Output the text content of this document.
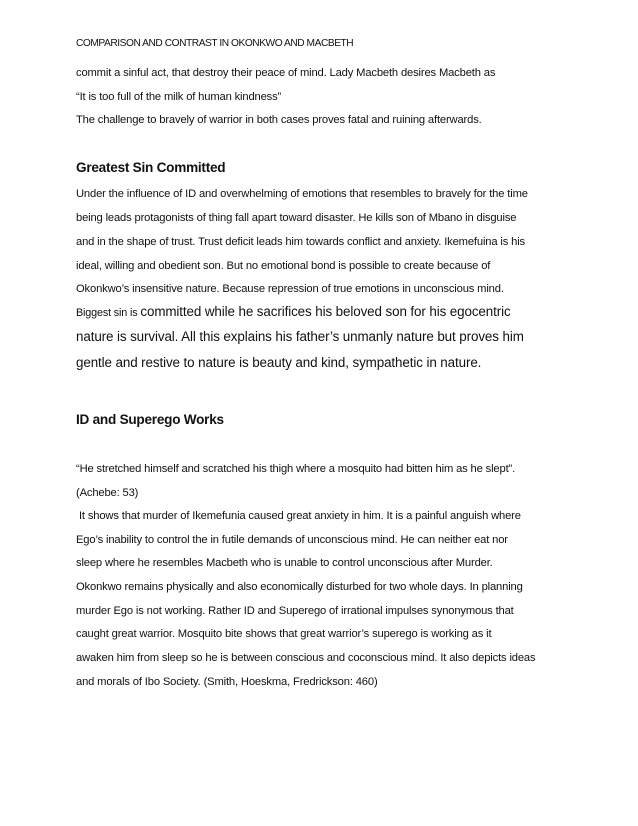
COMPARISON AND CONTRAST IN OKONKWO AND MACBETH
commit a sinful act, that destroy their peace of mind. Lady Macbeth desires Macbeth as
“It is too full of the milk of human kindness”
The challenge to bravely of warrior in both cases proves fatal and ruining afterwards.
Greatest Sin Committed
Under the influence of ID and overwhelming of emotions that resembles to bravely for the time
being leads protagonists of thing fall apart toward disaster. He kills son of Mbano in disguise
and in the shape of trust. Trust deficit leads him towards conflict and anxiety. Ikemefuina is his
ideal, willing and obedient son. But no emotional bond is possible to create because of
Okonkwo’s insensitive nature. Because repression of true emotions in unconscious mind.
Biggest sin is committed while he sacrifices his beloved son for his egocentric
nature is survival. All this explains his father’s unmanly nature but proves him
gentle and restive to nature is beauty and kind, sympathetic in nature.
ID and Superego Works
“He stretched himself and scratched his thigh where a mosquito had bitten him as he slept”.
(Achebe: 53)
It shows that murder of Ikemefunia caused great anxiety in him. It is a painful anguish where
Ego’s inability to control the in futile demands of unconscious mind. He can neither eat nor
sleep where he resembles Macbeth who is unable to control unconscious after Murder.
Okonkwo remains physically and also economically disturbed for two whole days. In planning
murder Ego is not working. Rather ID and Superego of irrational impulses synonymous that
caught great warrior. Mosquito bite shows that great warrior’s superego is working as it
awaken him from sleep so he is between conscious and coconscious mind. It also depicts ideas
and morals of Ibo Society. (Smith, Hoeskma, Fredrickson: 460)
